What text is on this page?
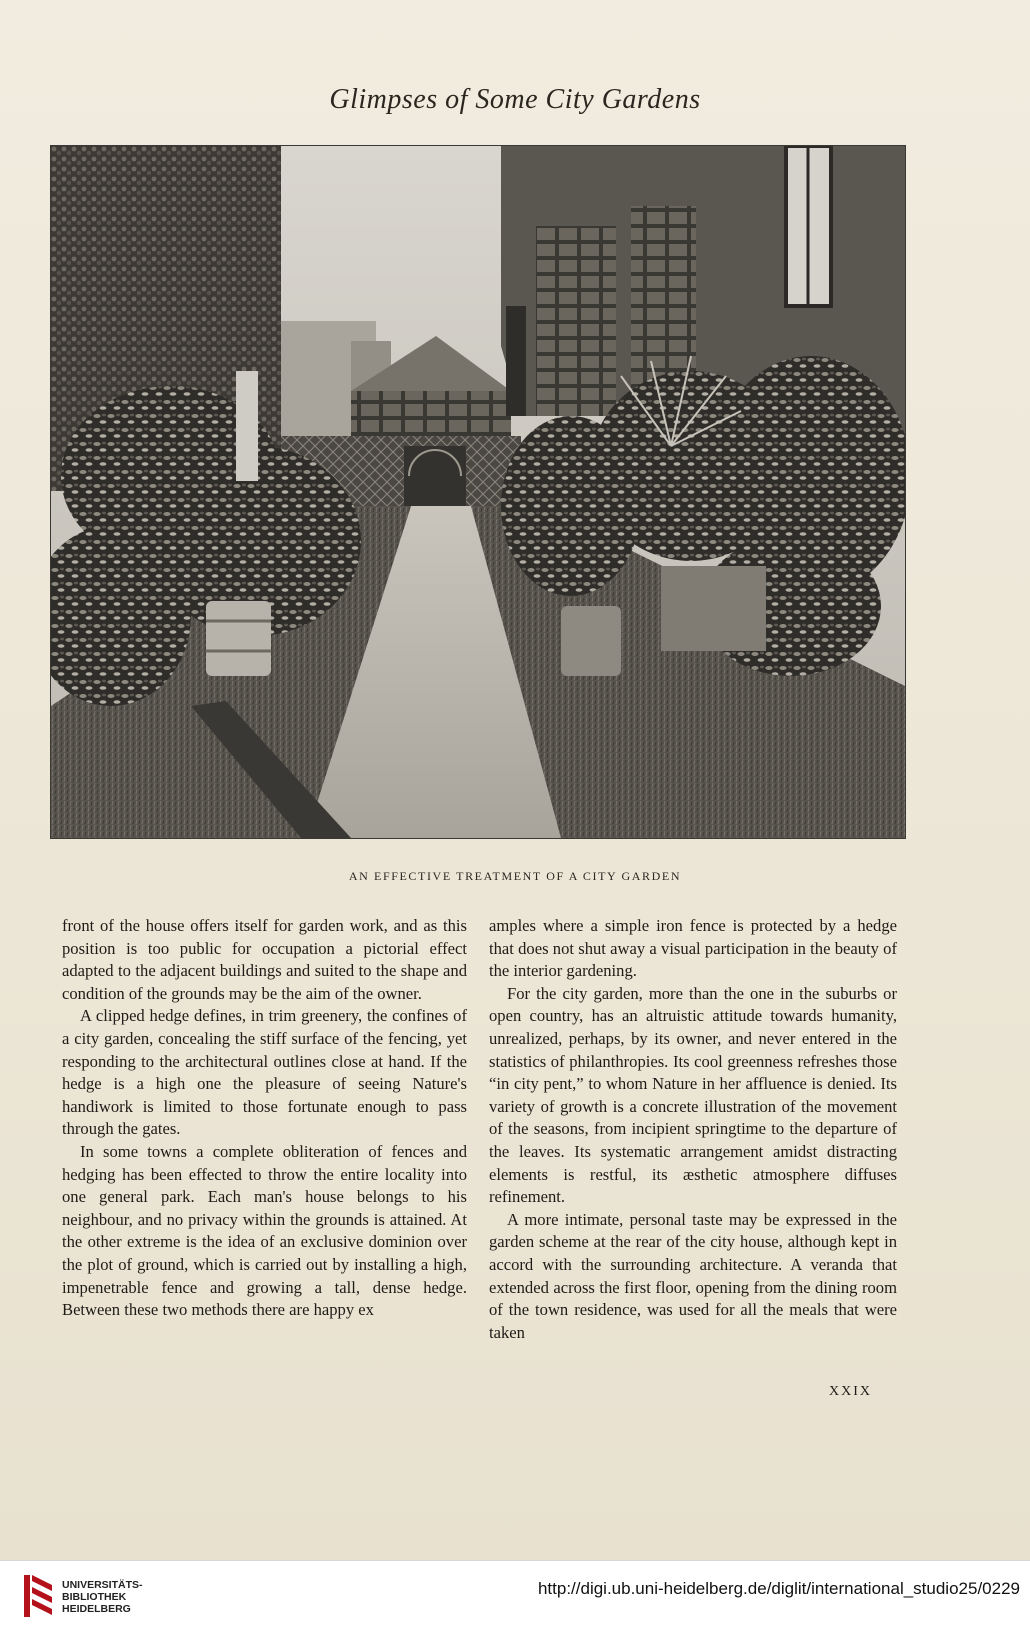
Glimpses of Some City Gardens
AN EFFECTIVE TREATMENT OF A CITY GARDEN

front of the house offers itself for garden work, and as this position is too public for occupation a pictorial effect adapted to the adjacent buildings and suited to the shape and condition of the grounds may be the aim of the owner.

A clipped hedge defines, in trim greenery, the confines of a city garden, concealing the stiff surface of the fencing, yet responding to the architectural outlines close at hand. If the hedge is a high one the pleasure of seeing Nature's handiwork is limited to those fortunate enough to pass through the gates.

In some towns a complete obliteration of fences and hedging has been effected to throw the entire locality into one general park. Each man's house belongs to his neighbour, and no privacy within the grounds is attained. At the other extreme is the idea of an exclusive dominion over the plot of ground, which is carried out by installing a high, impenetrable fence and growing a tall, dense hedge. Between these two methods there are happy ex

amples where a simple iron fence is protected by a hedge that does not shut away a visual participation in the beauty of the interior gardening.

For the city garden, more than the one in the suburbs or open country, has an altruistic attitude towards humanity, unrealized, perhaps, by its owner, and never entered in the statistics of philanthropies. Its cool greenness refreshes those “in city pent,” to whom Nature in her affluence is denied. Its variety of growth is a concrete illustration of the movement of the seasons, from incipient springtime to the departure of the leaves. Its systematic arrangement amidst distracting elements is restful, its æsthetic atmosphere diffuses refinement.

A more intimate, personal taste may be expressed in the garden scheme at the rear of the city house, although kept in accord with the surrounding architecture. A veranda that extended across the first floor, opening from the dining room of the town residence, was used for all the meals that were taken

XXIX
UNIVERSITÄTS-
BIBLIOTHEK
HEIDELBERG
http://digi.ub.uni-heidelberg.de/diglit/international_studio25/0229
